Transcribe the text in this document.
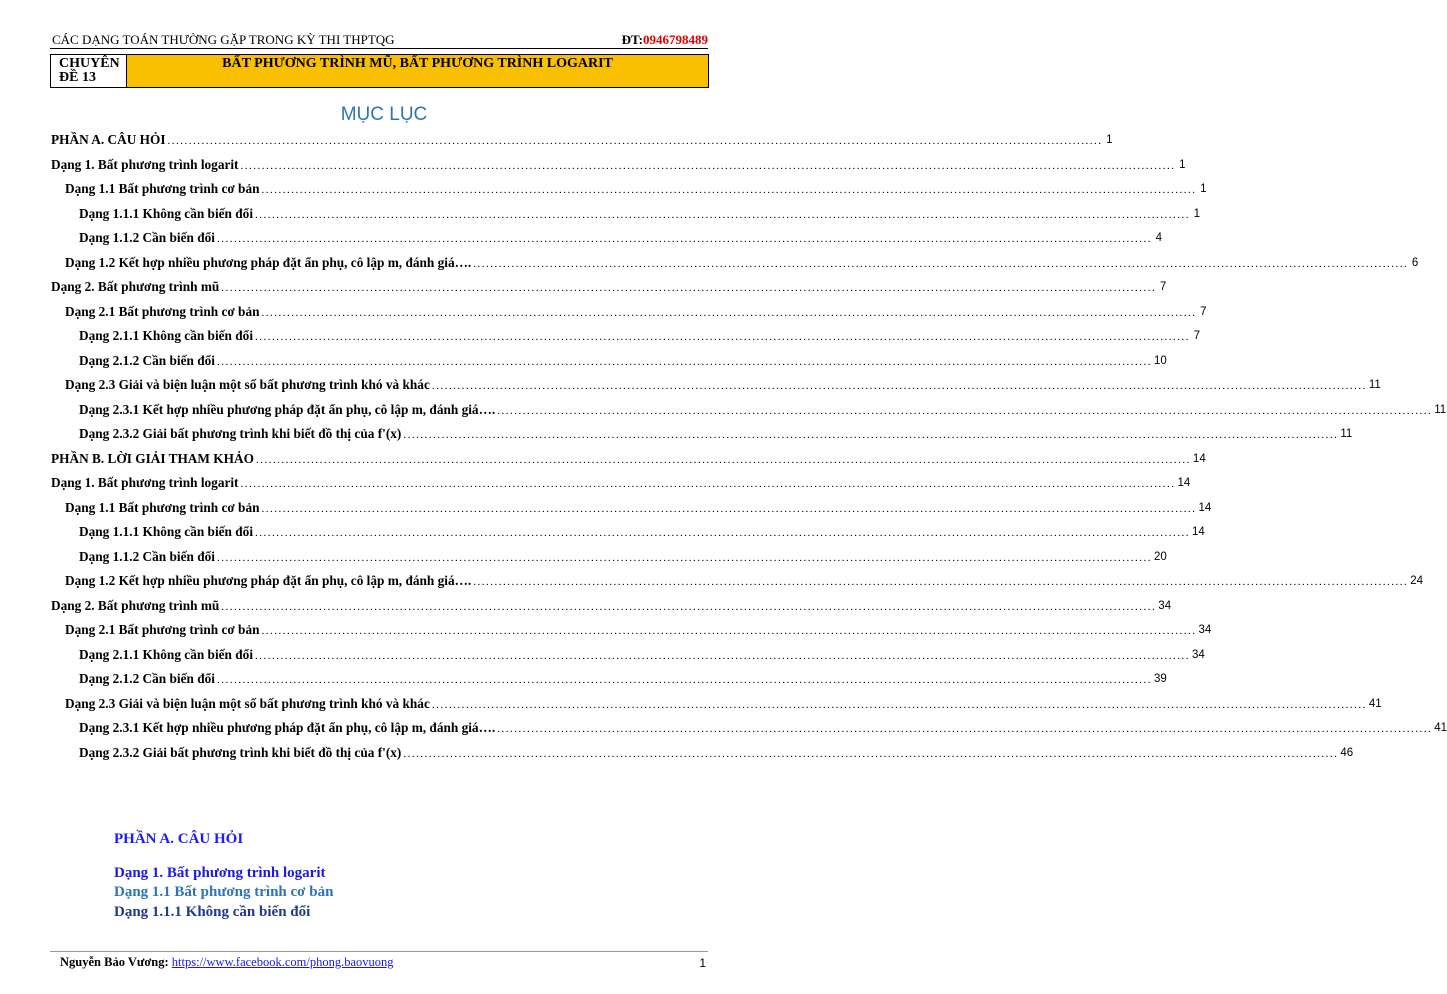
CÁC DẠNG TOÁN THƯỜNG GẶP TRONG KỲ THI THPTQG	ĐT:0946798489
CHUYÊN
ĐỀ 13
BẤT PHƯƠNG TRÌNH MŨ, BẤT PHƯƠNG TRÌNH LOGARIT
MỤC LỤC
PHẦN A. CÂU HỎI ............................................................................................................................................................................................................................ 1
Dạng 1. Bất phương trình logarit ............................................................................................................................................................................................................................ 1
Dạng 1.1 Bất phương trình cơ bản ............................................................................................................................................................................................................................ 1
Dạng 1.1.1 Không cần biến đổi ............................................................................................................................................................................................................................ 1
Dạng 1.1.2 Cần biến đổi ............................................................................................................................................................................................................................ 4
Dạng 1.2 Kết hợp nhiều phương pháp đặt ẩn phụ, cô lập m, đánh giá…. ............................................................................................................................................................................................................................ 6
Dạng 2. Bất phương trình mũ ............................................................................................................................................................................................................................ 7
Dạng 2.1 Bất phương trình cơ bản ............................................................................................................................................................................................................................ 7
Dạng 2.1.1 Không cần biến đổi ............................................................................................................................................................................................................................ 7
Dạng 2.1.2 Cần biến đổi ............................................................................................................................................................................................................................ 10
Dạng 2.3 Giải và biện luận một số bất phương trình khó và khác ............................................................................................................................................................................................................................ 11
Dạng 2.3.1 Kết hợp nhiều phương pháp đặt ẩn phụ, cô lập m, đánh giá…. ............................................................................................................................................................................................................................ 11
Dạng 2.3.2 Giải bất phương trình khi biết đồ thị của f'(x) ............................................................................................................................................................................................................................ 11
PHẦN B. LỜI GIẢI THAM KHẢO ............................................................................................................................................................................................................................ 14
Dạng 1. Bất phương trình logarit ............................................................................................................................................................................................................................ 14
Dạng 1.1 Bất phương trình cơ bản ............................................................................................................................................................................................................................ 14
Dạng 1.1.1 Không cần biến đổi ............................................................................................................................................................................................................................ 14
Dạng 1.1.2 Cần biến đổi ............................................................................................................................................................................................................................ 20
Dạng 1.2 Kết hợp nhiều phương pháp đặt ẩn phụ, cô lập m, đánh giá…. ............................................................................................................................................................................................................................ 24
Dạng 2. Bất phương trình mũ ............................................................................................................................................................................................................................ 34
Dạng 2.1 Bất phương trình cơ bản ............................................................................................................................................................................................................................ 34
Dạng 2.1.1 Không cần biến đổi ............................................................................................................................................................................................................................ 34
Dạng 2.1.2 Cần biến đổi ............................................................................................................................................................................................................................ 39
Dạng 2.3 Giải và biện luận một số bất phương trình khó và khác ............................................................................................................................................................................................................................ 41
Dạng 2.3.1 Kết hợp nhiều phương pháp đặt ẩn phụ, cô lập m, đánh giá…. ............................................................................................................................................................................................................................ 41
Dạng 2.3.2 Giải bất phương trình khi biết đồ thị của f'(x) ............................................................................................................................................................................................................................ 46
PHẦN A. CÂU HỎI
Dạng 1. Bất phương trình logarit
Dạng 1.1 Bất phương trình cơ bản
Dạng 1.1.1 Không cần biến đổi
Nguyễn Bảo Vương: https://www.facebook.com/phong.baovuong	1
